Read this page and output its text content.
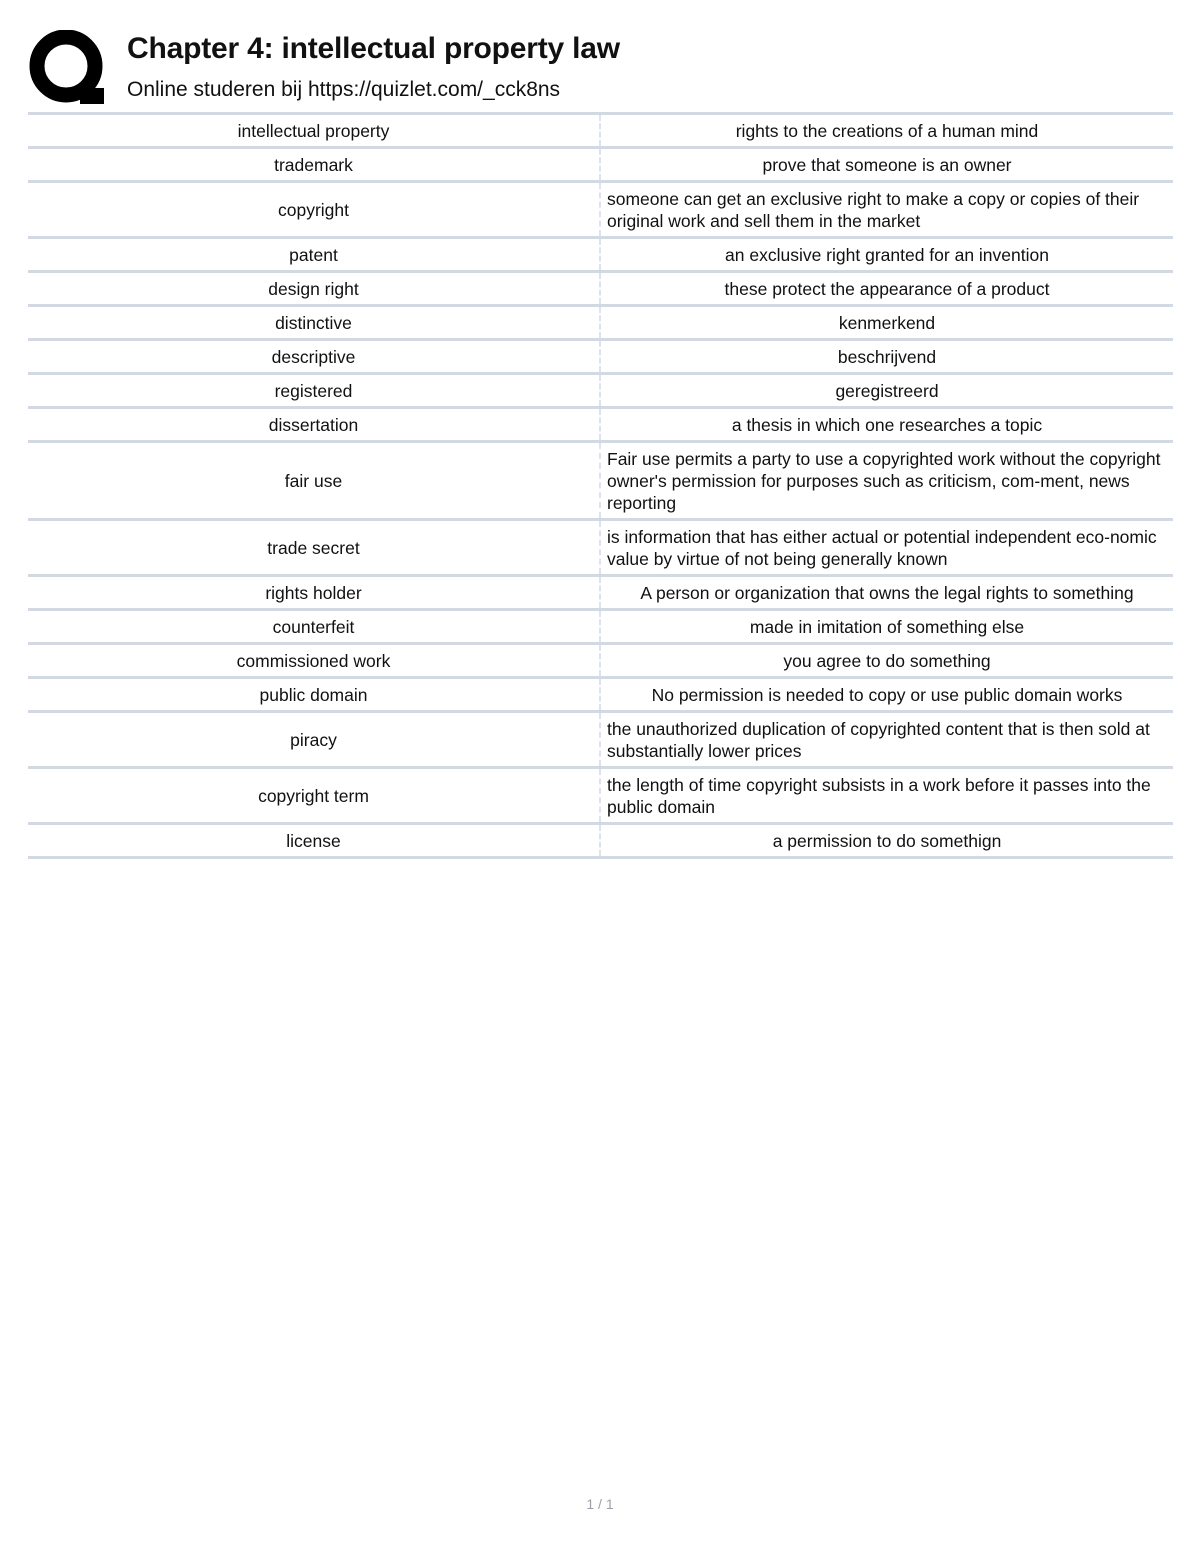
Chapter 4: intellectual property law
Online studeren bij https://quizlet.com/_cck8ns
intellectual property	rights to the creations of a human mind
trademark	prove that someone is an owner
copyright	someone can get an exclusive right to make a copy or copies of their original work and sell them in the market
patent	an exclusive right granted for an invention
design right	these protect the appearance of a product
distinctive	kenmerkend
descriptive	beschrijvend
registered	geregistreerd
dissertation	a thesis in which one researches a topic
fair use	Fair use permits a party to use a copyrighted work without the copyright owner's permission for purposes such as criticism, com-ment, news reporting
trade secret	is information that has either actual or potential independent eco-nomic value by virtue of not being generally known
rights holder	A person or organization that owns the legal rights to something
counterfeit	made in imitation of something else
commissioned work	you agree to do something
public domain	No permission is needed to copy or use public domain works
piracy	the unauthorized duplication of copyrighted content that is then sold at substantially lower prices
copyright term	the length of time copyright subsists in a work before it passes into the public domain
license	a permission to do somethign
1 / 1
